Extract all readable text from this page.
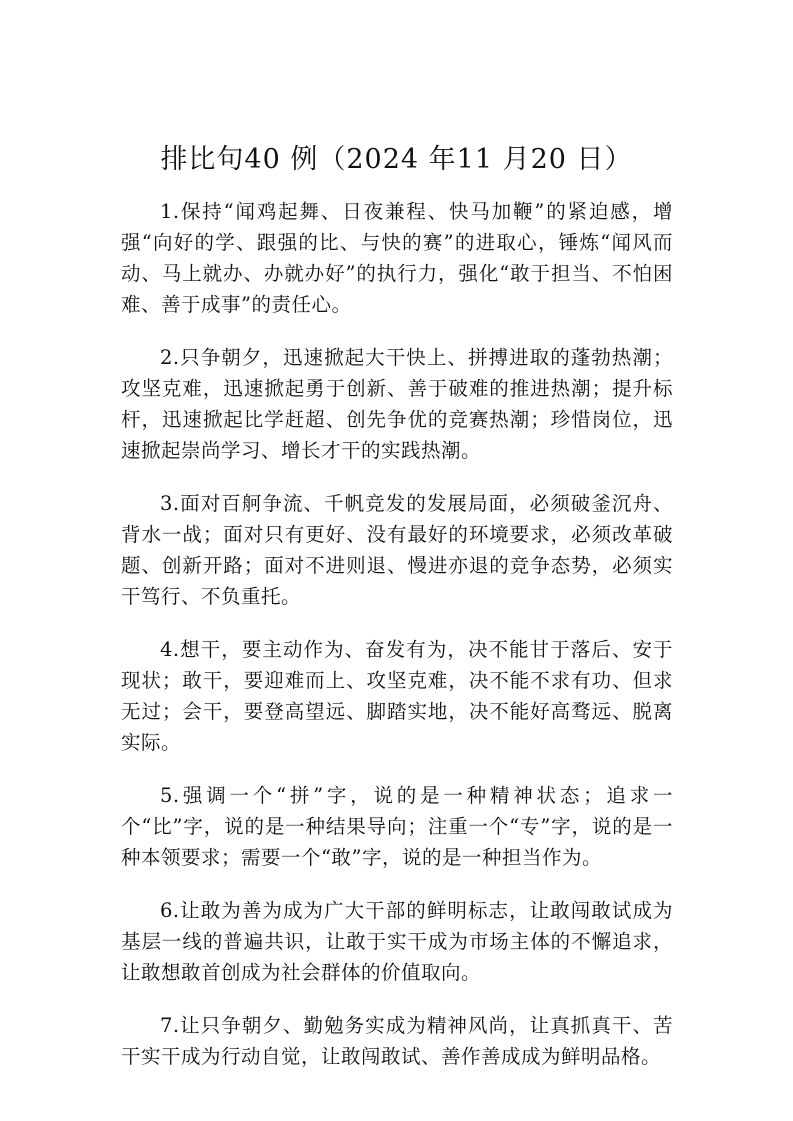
排比句40 例（2024 年11 月20 日）

1.保持“闻鸡起舞、日夜兼程、快马加鞭”的紧迫感，增强“向好的学、跟强的比、与快的赛”的进取心，锤炼“闻风而动、马上就办、办就办好”的执行力，强化“敢于担当、不怕困难、善于成事”的责任心。

2.只争朝夕，迅速掀起大干快上、拼搏进取的蓬勃热潮；攻坚克难，迅速掀起勇于创新、善于破难的推进热潮；提升标杆，迅速掀起比学赶超、创先争优的竞赛热潮；珍惜岗位，迅速掀起崇尚学习、增长才干的实践热潮。

3.面对百舸争流、千帆竞发的发展局面，必须破釜沉舟、背水一战；面对只有更好、没有最好的环境要求，必须改革破题、创新开路；面对不进则退、慢进亦退的竞争态势，必须实干笃行、不负重托。

4.想干，要主动作为、奋发有为，决不能甘于落后、安于现状；敢干，要迎难而上、攻坚克难，决不能不求有功、但求无过；会干，要登高望远、脚踏实地，决不能好高骛远、脱离实际。

5.强调一个“拼”字，说的是一种精神状态；追求一个“比”字，说的是一种结果导向；注重一个“专”字，说的是一种本领要求；需要一个“敢”字，说的是一种担当作为。

6.让敢为善为成为广大干部的鲜明标志，让敢闯敢试成为基层一线的普遍共识，让敢于实干成为市场主体的不懈追求，让敢想敢首创成为社会群体的价值取向。

7.让只争朝夕、勤勉务实成为精神风尚，让真抓真干、苦干实干成为行动自觉，让敢闯敢试、善作善成成为鲜明品格。
